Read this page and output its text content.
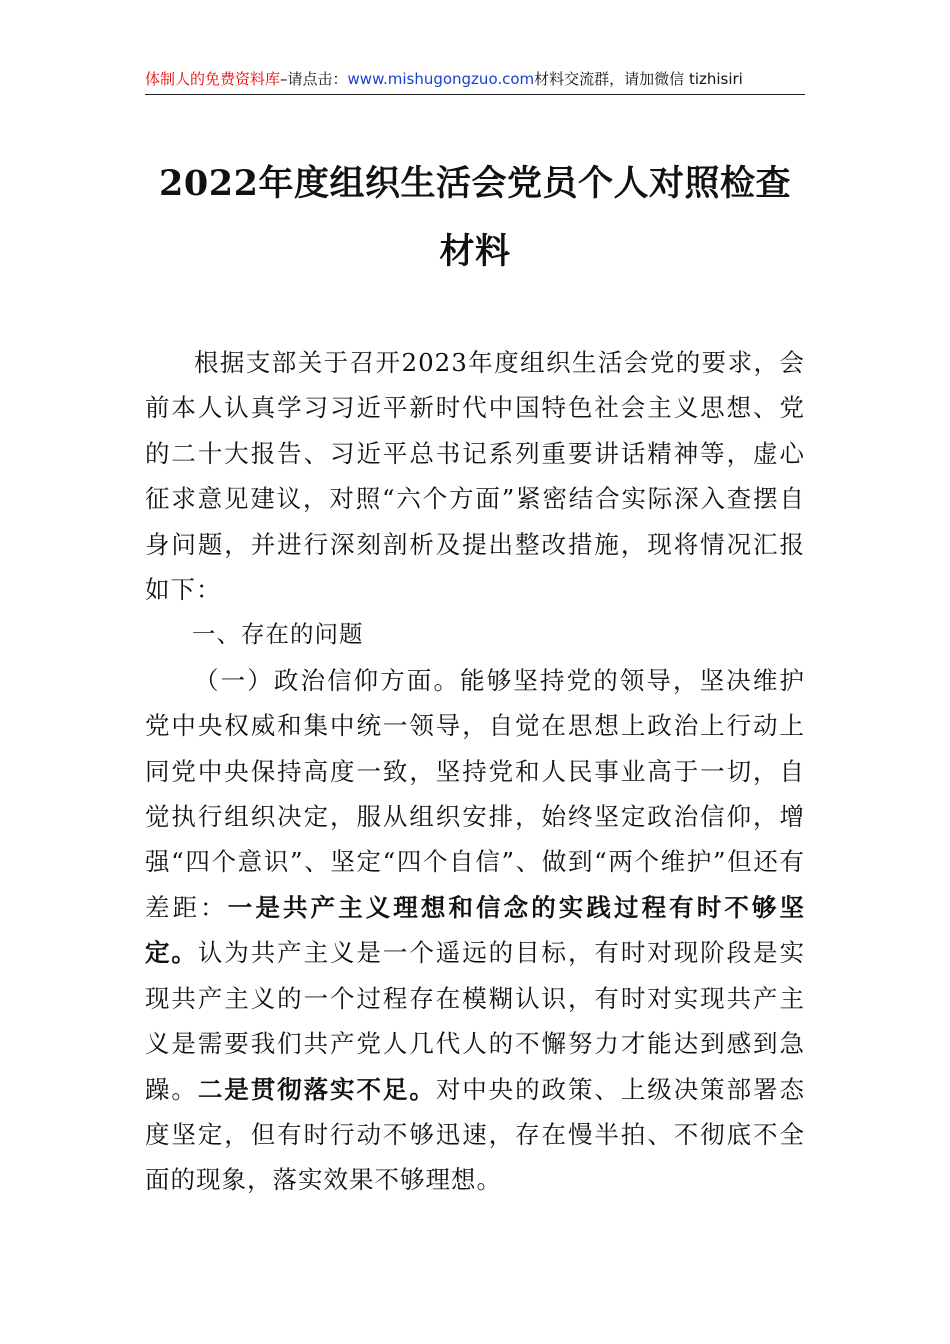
体制人的免费资料库–请点击：www.mishugongzuo.com材料交流群，请加微信 tizhisiri
2022年度组织生活会党员个人对照检查材料

根据支部关于召开2023年度组织生活会党的要求，会前本人认真学习习近平新时代中国特色社会主义思想、党的二十大报告、习近平总书记系列重要讲话精神等，虚心征求意见建议，对照“六个方面”紧密结合实际深入查摆自身问题，并进行深刻剖析及提出整改措施，现将情况汇报如下：

一、存在的问题

（一）政治信仰方面。能够坚持党的领导，坚决维护党中央权威和集中统一领导，自觉在思想上政治上行动上同党中央保持高度一致，坚持党和人民事业高于一切，自觉执行组织决定，服从组织安排，始终坚定政治信仰，增强“四个意识”、坚定“四个自信”、做到“两个维护”但还有差距：一是共产主义理想和信念的实践过程有时不够坚定。认为共产主义是一个遥远的目标，有时对现阶段是实现共产主义的一个过程存在模糊认识，有时对实现共产主义是需要我们共产党人几代人的不懈努力才能达到感到急躁。二是贯彻落实不足。对中央的政策、上级决策部署态度坚定，但有时行动不够迅速，存在慢半拍、不彻底不全面的现象，落实效果不够理想。
